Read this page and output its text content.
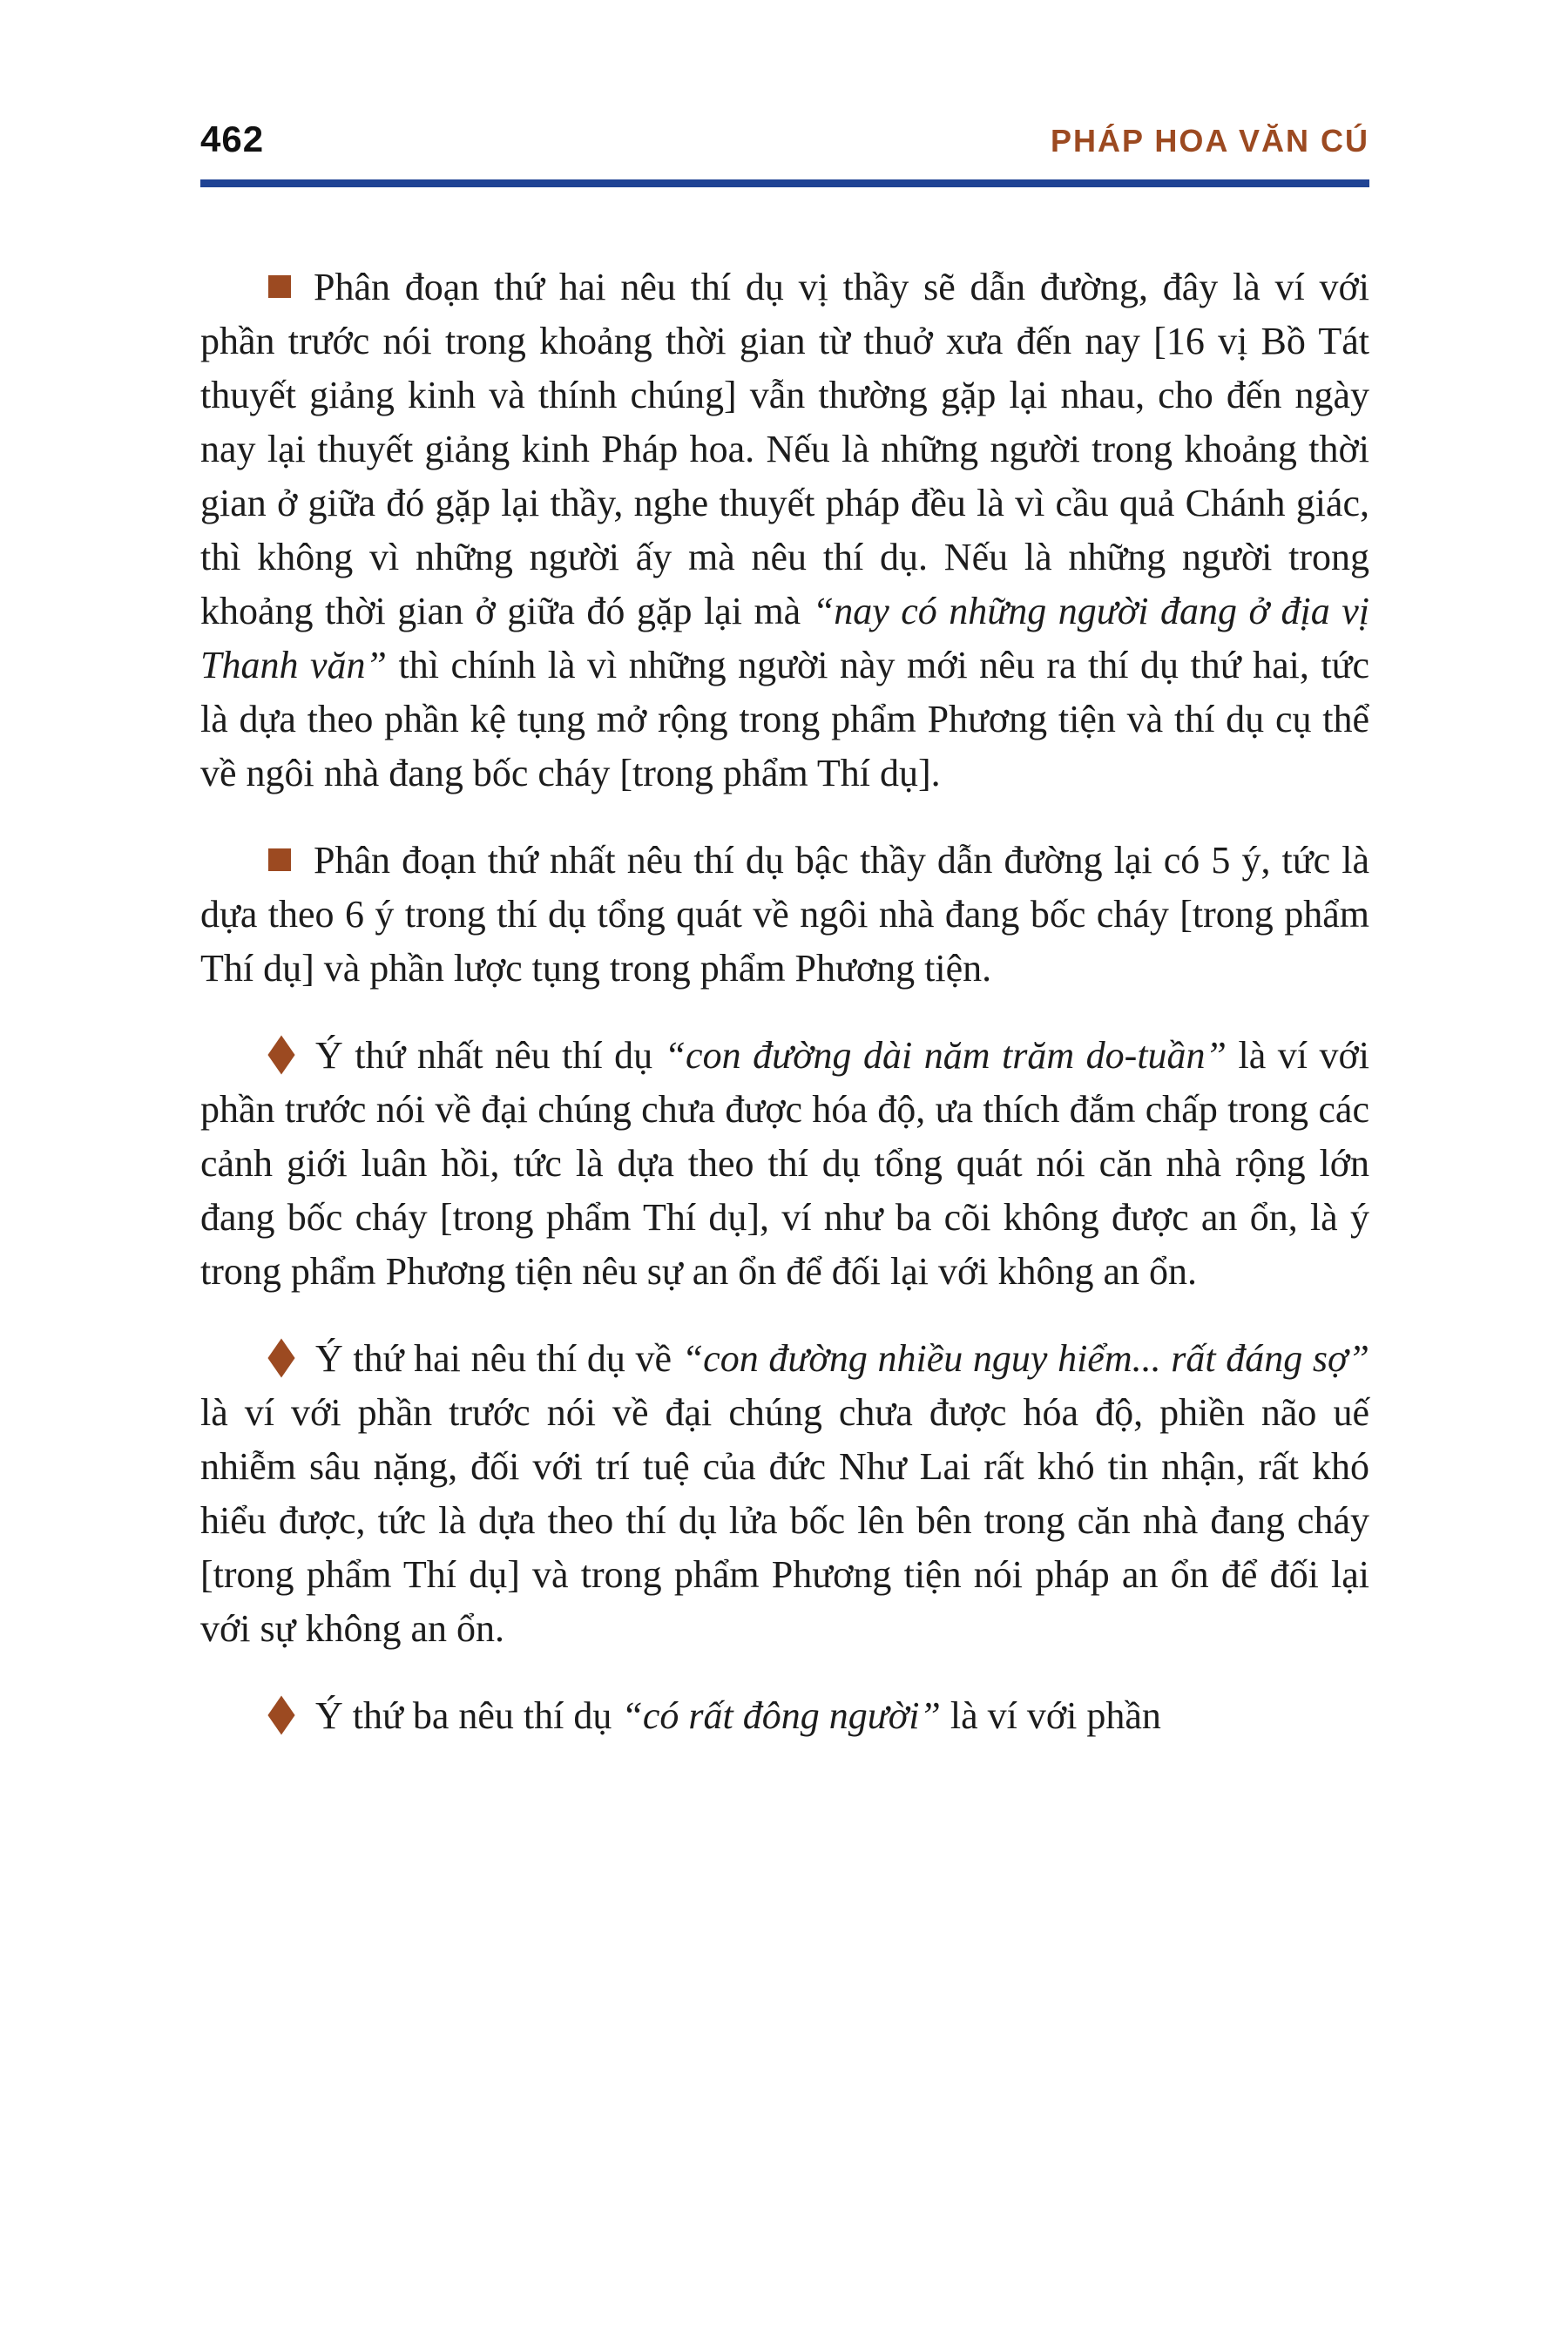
462	PHÁP HOA VĂN CÚ

Phân đoạn thứ hai nêu thí dụ vị thầy sẽ dẫn đường, đây là ví với phần trước nói trong khoảng thời gian từ thuở xưa đến nay [16 vị Bồ Tát thuyết giảng kinh và thính chúng] vẫn thường gặp lại nhau, cho đến ngày nay lại thuyết giảng kinh Pháp hoa. Nếu là những người trong khoảng thời gian ở giữa đó gặp lại thầy, nghe thuyết pháp đều là vì cầu quả Chánh giác, thì không vì những người ấy mà nêu thí dụ. Nếu là những người trong khoảng thời gian ở giữa đó gặp lại mà “nay có những người đang ở địa vị Thanh văn” thì chính là vì những người này mới nêu ra thí dụ thứ hai, tức là dựa theo phần kệ tụng mở rộng trong phẩm Phương tiện và thí dụ cụ thể về ngôi nhà đang bốc cháy [trong phẩm Thí dụ].

Phân đoạn thứ nhất nêu thí dụ bậc thầy dẫn đường lại có 5 ý, tức là dựa theo 6 ý trong thí dụ tổng quát về ngôi nhà đang bốc cháy [trong phẩm Thí dụ] và phần lược tụng trong phẩm Phương tiện.

Ý thứ nhất nêu thí dụ “con đường dài năm trăm do-tuần” là ví với phần trước nói về đại chúng chưa được hóa độ, ưa thích đắm chấp trong các cảnh giới luân hồi, tức là dựa theo thí dụ tổng quát nói căn nhà rộng lớn đang bốc cháy [trong phẩm Thí dụ], ví như ba cõi không được an ổn, là ý trong phẩm Phương tiện nêu sự an ổn để đối lại với không an ổn.

Ý thứ hai nêu thí dụ về “con đường nhiều nguy hiểm... rất đáng sợ” là ví với phần trước nói về đại chúng chưa được hóa độ, phiền não uế nhiễm sâu nặng, đối với trí tuệ của đức Như Lai rất khó tin nhận, rất khó hiểu được, tức là dựa theo thí dụ lửa bốc lên bên trong căn nhà đang cháy [trong phẩm Thí dụ] và trong phẩm Phương tiện nói pháp an ổn để đối lại với sự không an ổn.

Ý thứ ba nêu thí dụ “có rất đông người” là ví với phần
